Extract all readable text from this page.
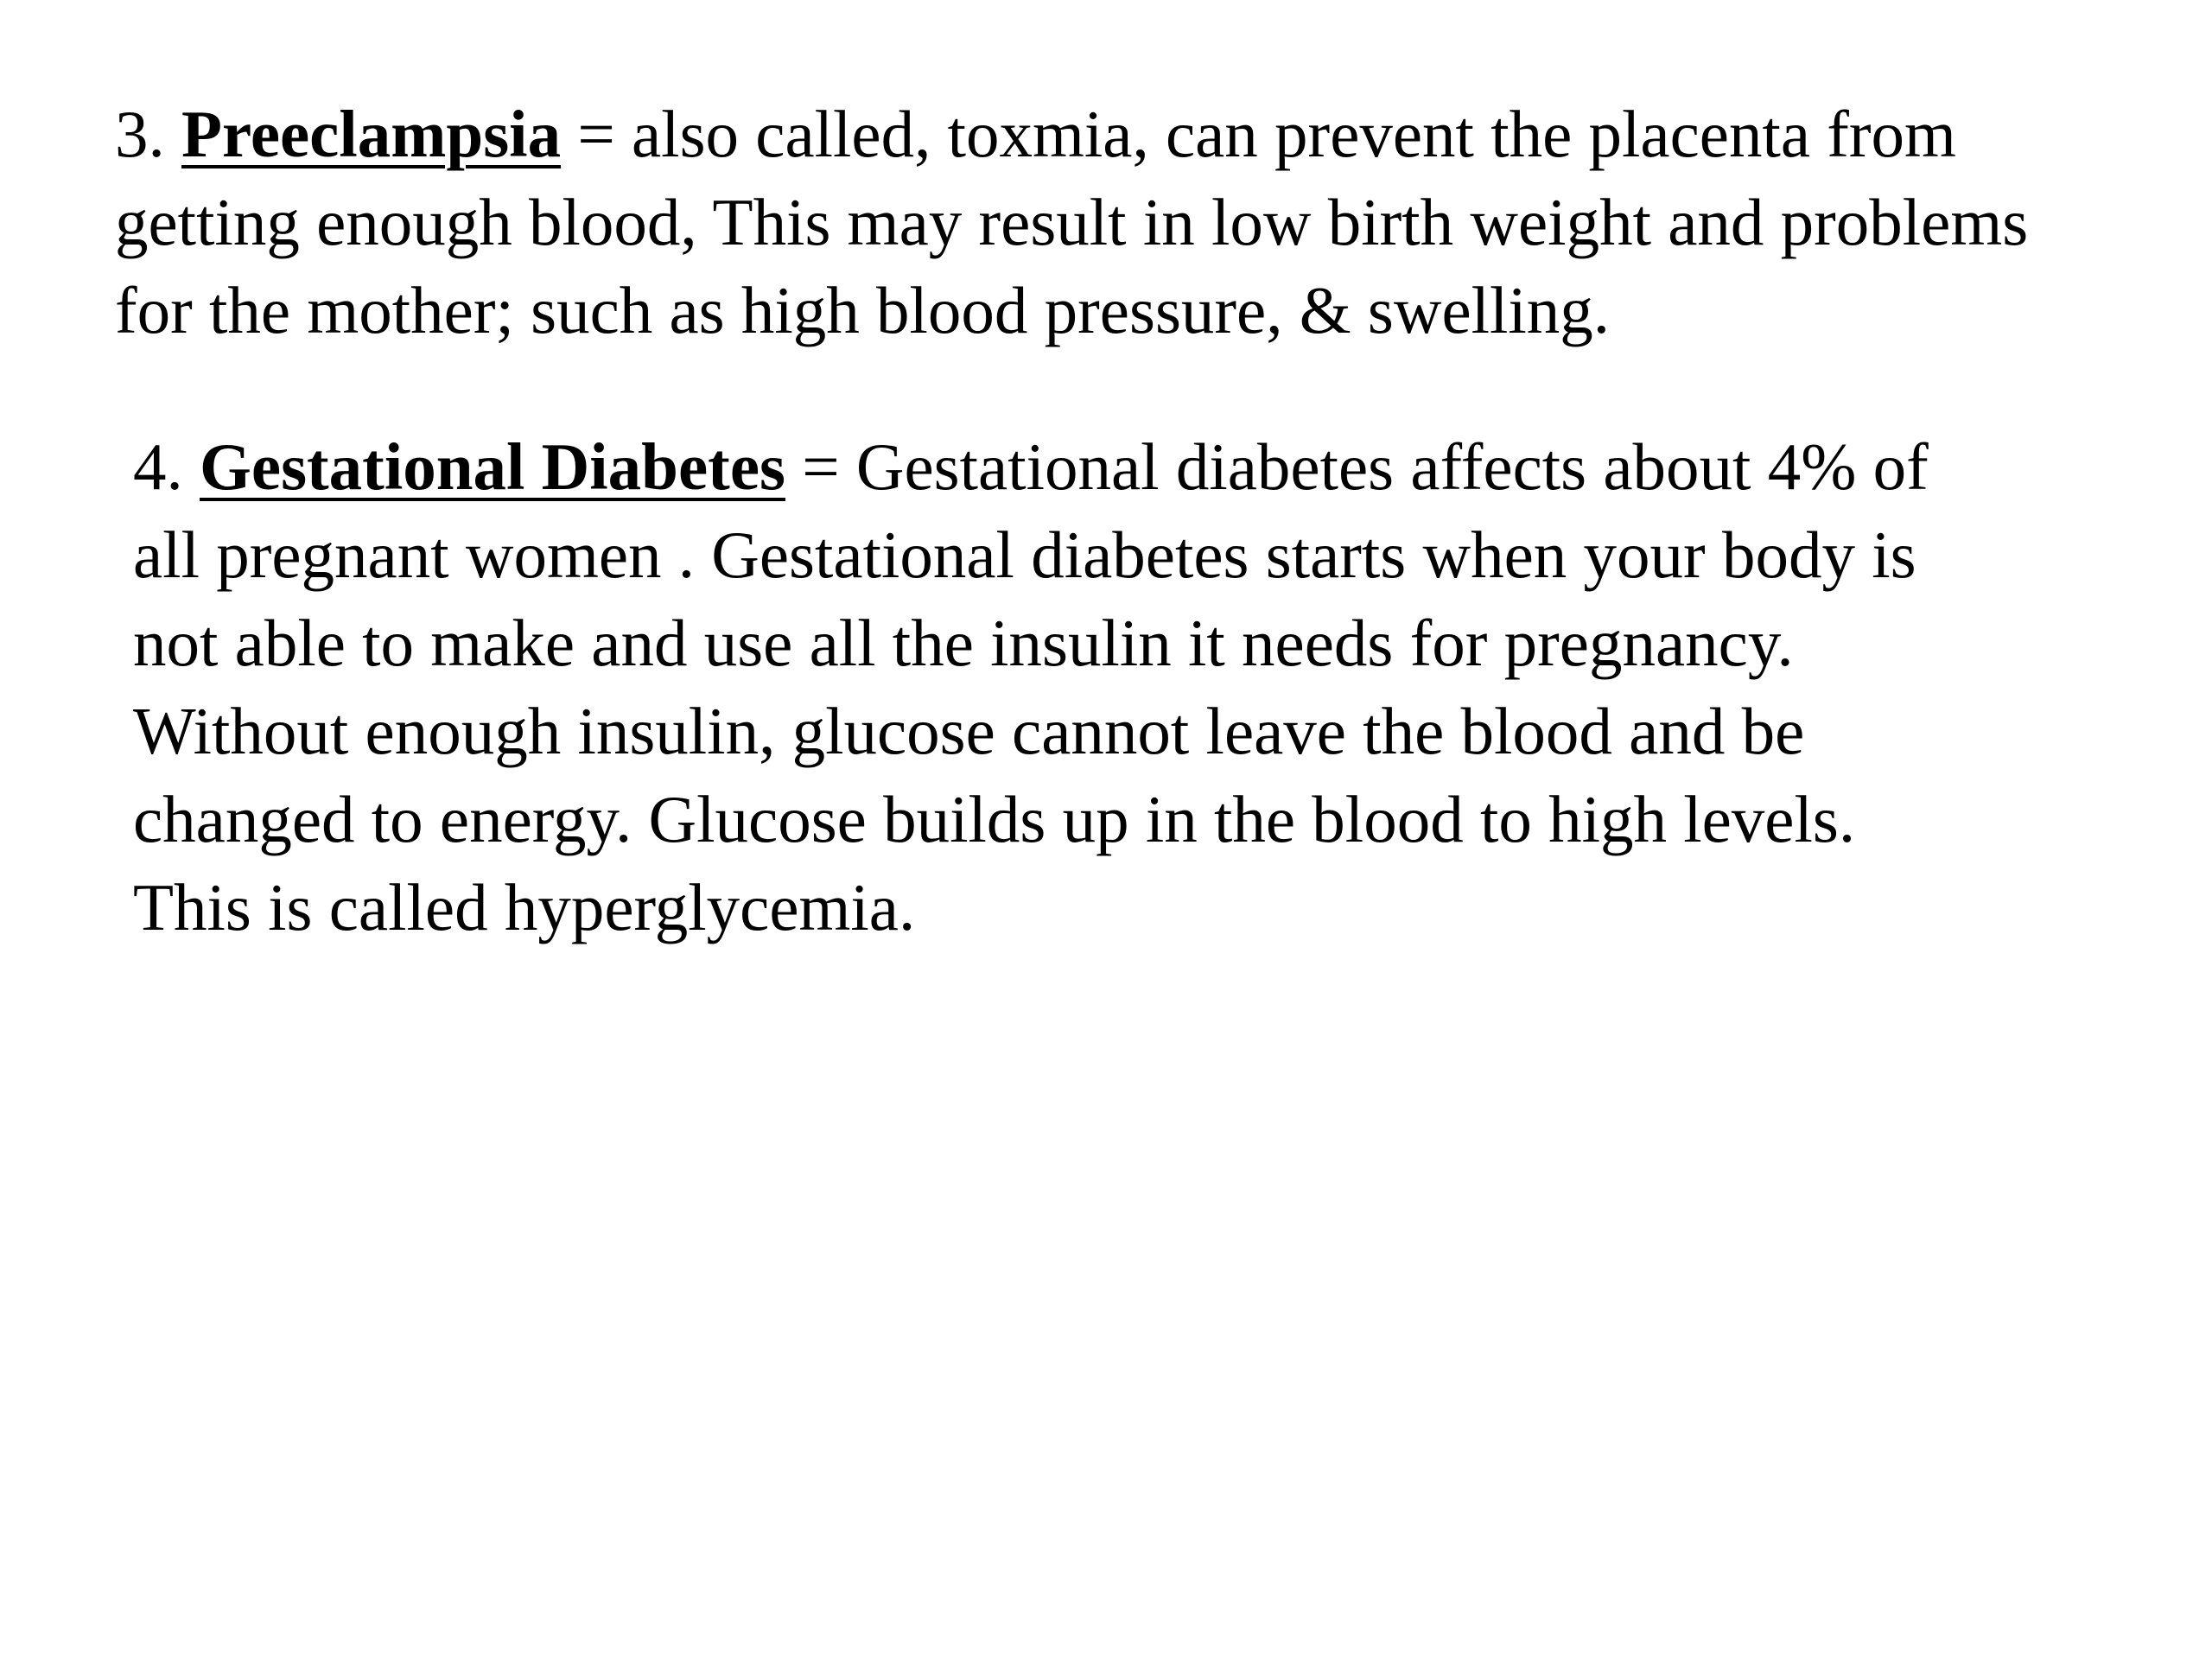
3. Preeclampsia = also called, toxmia, can prevent the placenta from
getting enough blood, This may result in low birth weight and problems
for the mother; such as high blood pressure, & swelling.

4. Gestational Diabetes = Gestational diabetes affects about 4% of
all pregnant women . Gestational diabetes starts when your body is
not able to make and use all the insulin it needs for pregnancy.
Without enough insulin, glucose cannot leave the blood and be
changed to energy. Glucose builds up in the blood to high levels.
This is called hyperglycemia.
